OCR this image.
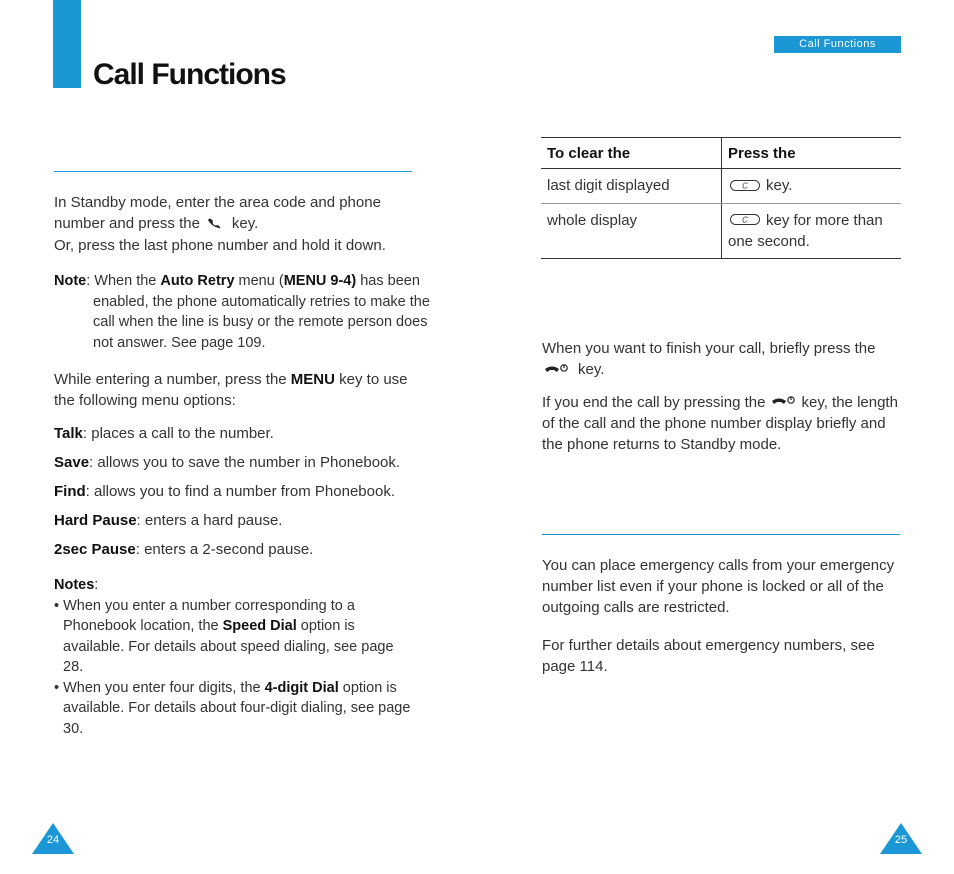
Call Functions
Call Functions

In Standby mode, enter the area code and phone

number and press the key.

Or, press the last phone number and hold it down.

Note: When the Auto Retry menu (MENU 9-4) has been enabled, the phone automatically retries to make the call when the line is busy or the remote person does not answer. See page 109.

While entering a number, press the MENU key to use the following menu options:

Talk: places a call to the number.

Save: allows you to save the number in Phonebook.

Find: allows you to find a number from Phonebook.

Hard Pause: enters a hard pause.

2sec Pause: enters a 2-second pause.

Notes:
• When you enter a number corresponding to a Phonebook location, the Speed Dial option is available. For details about speed dialing, see page 28.
• When you enter four digits, the 4-digit Dial option is available. For details about four-digit dialing, see page 30.
To clear the	Press the
last digit displayed	C key.
whole display	C key for more than one second.

When you want to finish your call, briefly press the

key.

If you end the call by pressing the key, the length of the call and the phone number display briefly and the phone returns to Standby mode.

You can place emergency calls from your emergency number list even if your phone is locked or all of the outgoing calls are restricted.

For further details about emergency numbers, see page 114.

24	25
